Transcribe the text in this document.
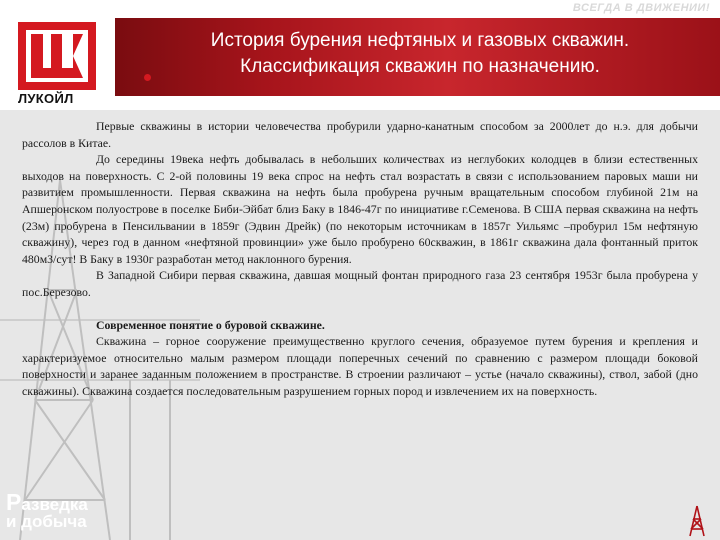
ВСЕГДА В ДВИЖЕНИИ!
ЛУКОЙЛ
История бурения нефтяных и газовых скважин.
Классификация скважин по назначению.

Первые скважины в истории человечества пробурили ударно-канатным способом за 2000лет до н.э. для добычи рассолов в Китае.

До середины 19века нефть добывалась в небольших количествах из неглубоких колодцев в близи естественных выходов на поверхность. С 2-ой половины 19 века спрос на нефть стал возрастать в связи с использованием паровых маши ни развитием промышленности. Первая скважина на нефть была пробурена ручным вращательным способом глубиной 21м на Апшеронском полуострове в поселке Биби-Эйбат близ Баку в 1846-47г по инициативе г.Семенова. В США первая скважина на нефть (23м) пробурена в Пенсильвании в 1859г (Эдвин Дрейк) (по некоторым источникам в 1857г Уильямс –пробурил 15м нефтяную скважину), через год в данном «нефтяной провинции» уже было пробурено 60скважин, в 1861г скважина дала фонтанный приток 480м3/сут! В Баку в 1930г разработан метод наклонного бурения.

В Западной Сибири первая скважина, давшая мощный фонтан природного газа 23 сентября 1953г была пробурена у пос.Березово.

Современное понятие о буровой скважине.

Скважина – горное сооружение преимущественно круглого сечения, образуемое путем бурения и крепления и характеризуемое относительно малым размером площади поперечных сечений по сравнению с размером площади боковой поверхности и заранее заданным положением в пространстве. В строении различают – устье (начало скважины), ствол, забой (дно скважины). Скважина создается последовательным разрушением горных пород и извлечением их на поверхность.

Разведка
и добыча
